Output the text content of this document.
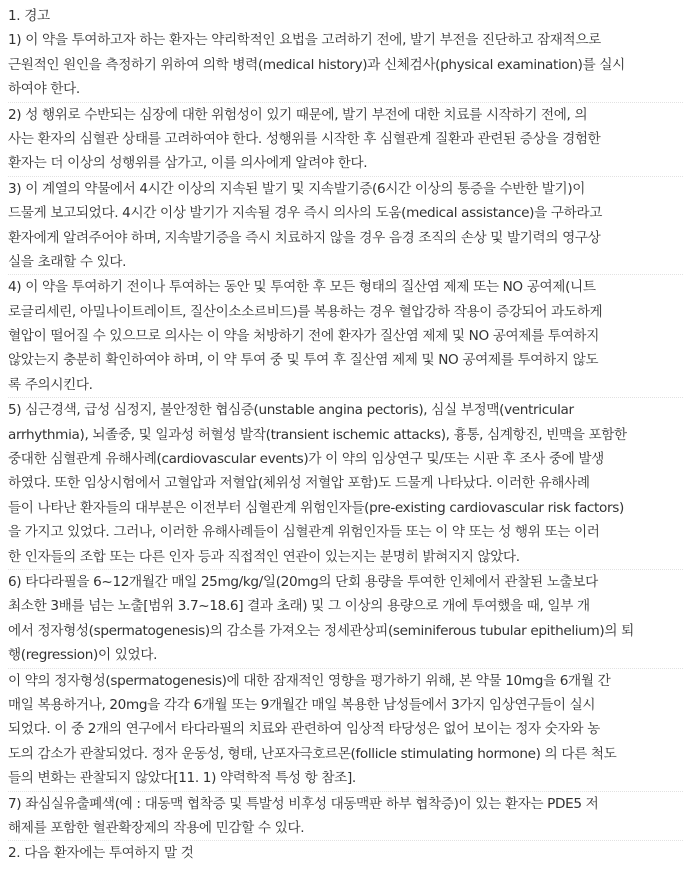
1. 경고
1) 이 약을 투여하고자 하는 환자는 약리학적인 요법을 고려하기 전에, 발기 부전을 진단하고 잠재적으로
근원적인 원인을 측정하기 위하여 의학 병력(medical history)과 신체검사(physical examination)를 실시
하여야 한다.
2) 성 행위로 수반되는 심장에 대한 위험성이 있기 때문에, 발기 부전에 대한 치료를 시작하기 전에, 의
사는 환자의 심혈관 상태를 고려하여야 한다. 성행위를 시작한 후 심혈관계 질환과 관련된 증상을 경험한
환자는 더 이상의 성행위를 삼가고, 이를 의사에게 알려야 한다.
3) 이 계열의 약물에서 4시간 이상의 지속된 발기 및 지속발기증(6시간 이상의 통증을 수반한 발기)이
드물게 보고되었다. 4시간 이상 발기가 지속될 경우 즉시 의사의 도움(medical assistance)을 구하라고
환자에게 알려주어야 하며, 지속발기증을 즉시 치료하지 않을 경우 음경 조직의 손상 및 발기력의 영구상
실을 초래할 수 있다.
4) 이 약을 투여하기 전이나 투여하는 동안 및 투여한 후 모든 형태의 질산염 제제 또는 NO 공여제(니트
로글리세린, 아밀나이트레이트, 질산이소소르비드)를 복용하는 경우 혈압강하 작용이 증강되어 과도하게
혈압이 떨어질 수 있으므로 의사는 이 약을 처방하기 전에 환자가 질산염 제제 및 NO 공여제를 투여하지
않았는지 충분히 확인하여야 하며, 이 약 투여 중 및 투여 후 질산염 제제 및 NO 공여제를 투여하지 않도
록 주의시킨다.
5) 심근경색, 급성 심정지, 불안정한 협심증(unstable angina pectoris), 심실 부정맥(ventricular
arrhythmia), 뇌졸중, 및 일과성 허혈성 발작(transient ischemic attacks), 흉통, 심계항진, 빈맥을 포함한
중대한 심혈관계 유해사례(cardiovascular events)가 이 약의 임상연구 및/또는 시판 후 조사 중에 발생
하였다. 또한 임상시험에서 고혈압과 저혈압(체위성 저혈압 포함)도 드물게 나타났다. 이러한 유해사례
들이 나타난 환자들의 대부분은 이전부터 심혈관계 위험인자들(pre-existing cardiovascular risk factors)
을 가지고 있었다. 그러나, 이러한 유해사례들이 심혈관계 위험인자들 또는 이 약 또는 성 행위 또는 이러
한 인자들의 조합 또는 다른 인자 등과 직접적인 연관이 있는지는 분명히 밝혀지지 않았다.
6) 타다라필을 6~12개월간 매일 25mg/kg/일(20mg의 단회 용량을 투여한 인체에서 관찰된 노출보다
최소한 3배를 넘는 노출[범위 3.7~18.6] 결과 초래) 및 그 이상의 용량으로 개에 투여했을 때, 일부 개
에서 정자형성(spermatogenesis)의 감소를 가져오는 정세관상피(seminiferous tubular epithelium)의 퇴
행(regression)이 있었다.
이 약의 정자형성(spermatogenesis)에 대한 잠재적인 영향을 평가하기 위해, 본 약물 10mg을 6개월 간
매일 복용하거나, 20mg을 각각 6개월 또는 9개월간 매일 복용한 남성들에서 3가지 임상연구들이 실시
되었다. 이 중 2개의 연구에서 타다라필의 치료와 관련하여 임상적 타당성은 없어 보이는 정자 숫자와 농
도의 감소가 관찰되었다. 정자 운동성, 형태, 난포자극호르몬(follicle stimulating hormone) 의 다른 척도
들의 변화는 관찰되지 않았다[11. 1) 약력학적 특성 항 참조].
7) 좌심실유출폐색(예 : 대동맥 협착증 및 특발성 비후성 대동맥판 하부 협착증)이 있는 환자는 PDE5 저
해제를 포함한 혈관확장제의 작용에 민감할 수 있다.
2. 다음 환자에는 투여하지 말 것
